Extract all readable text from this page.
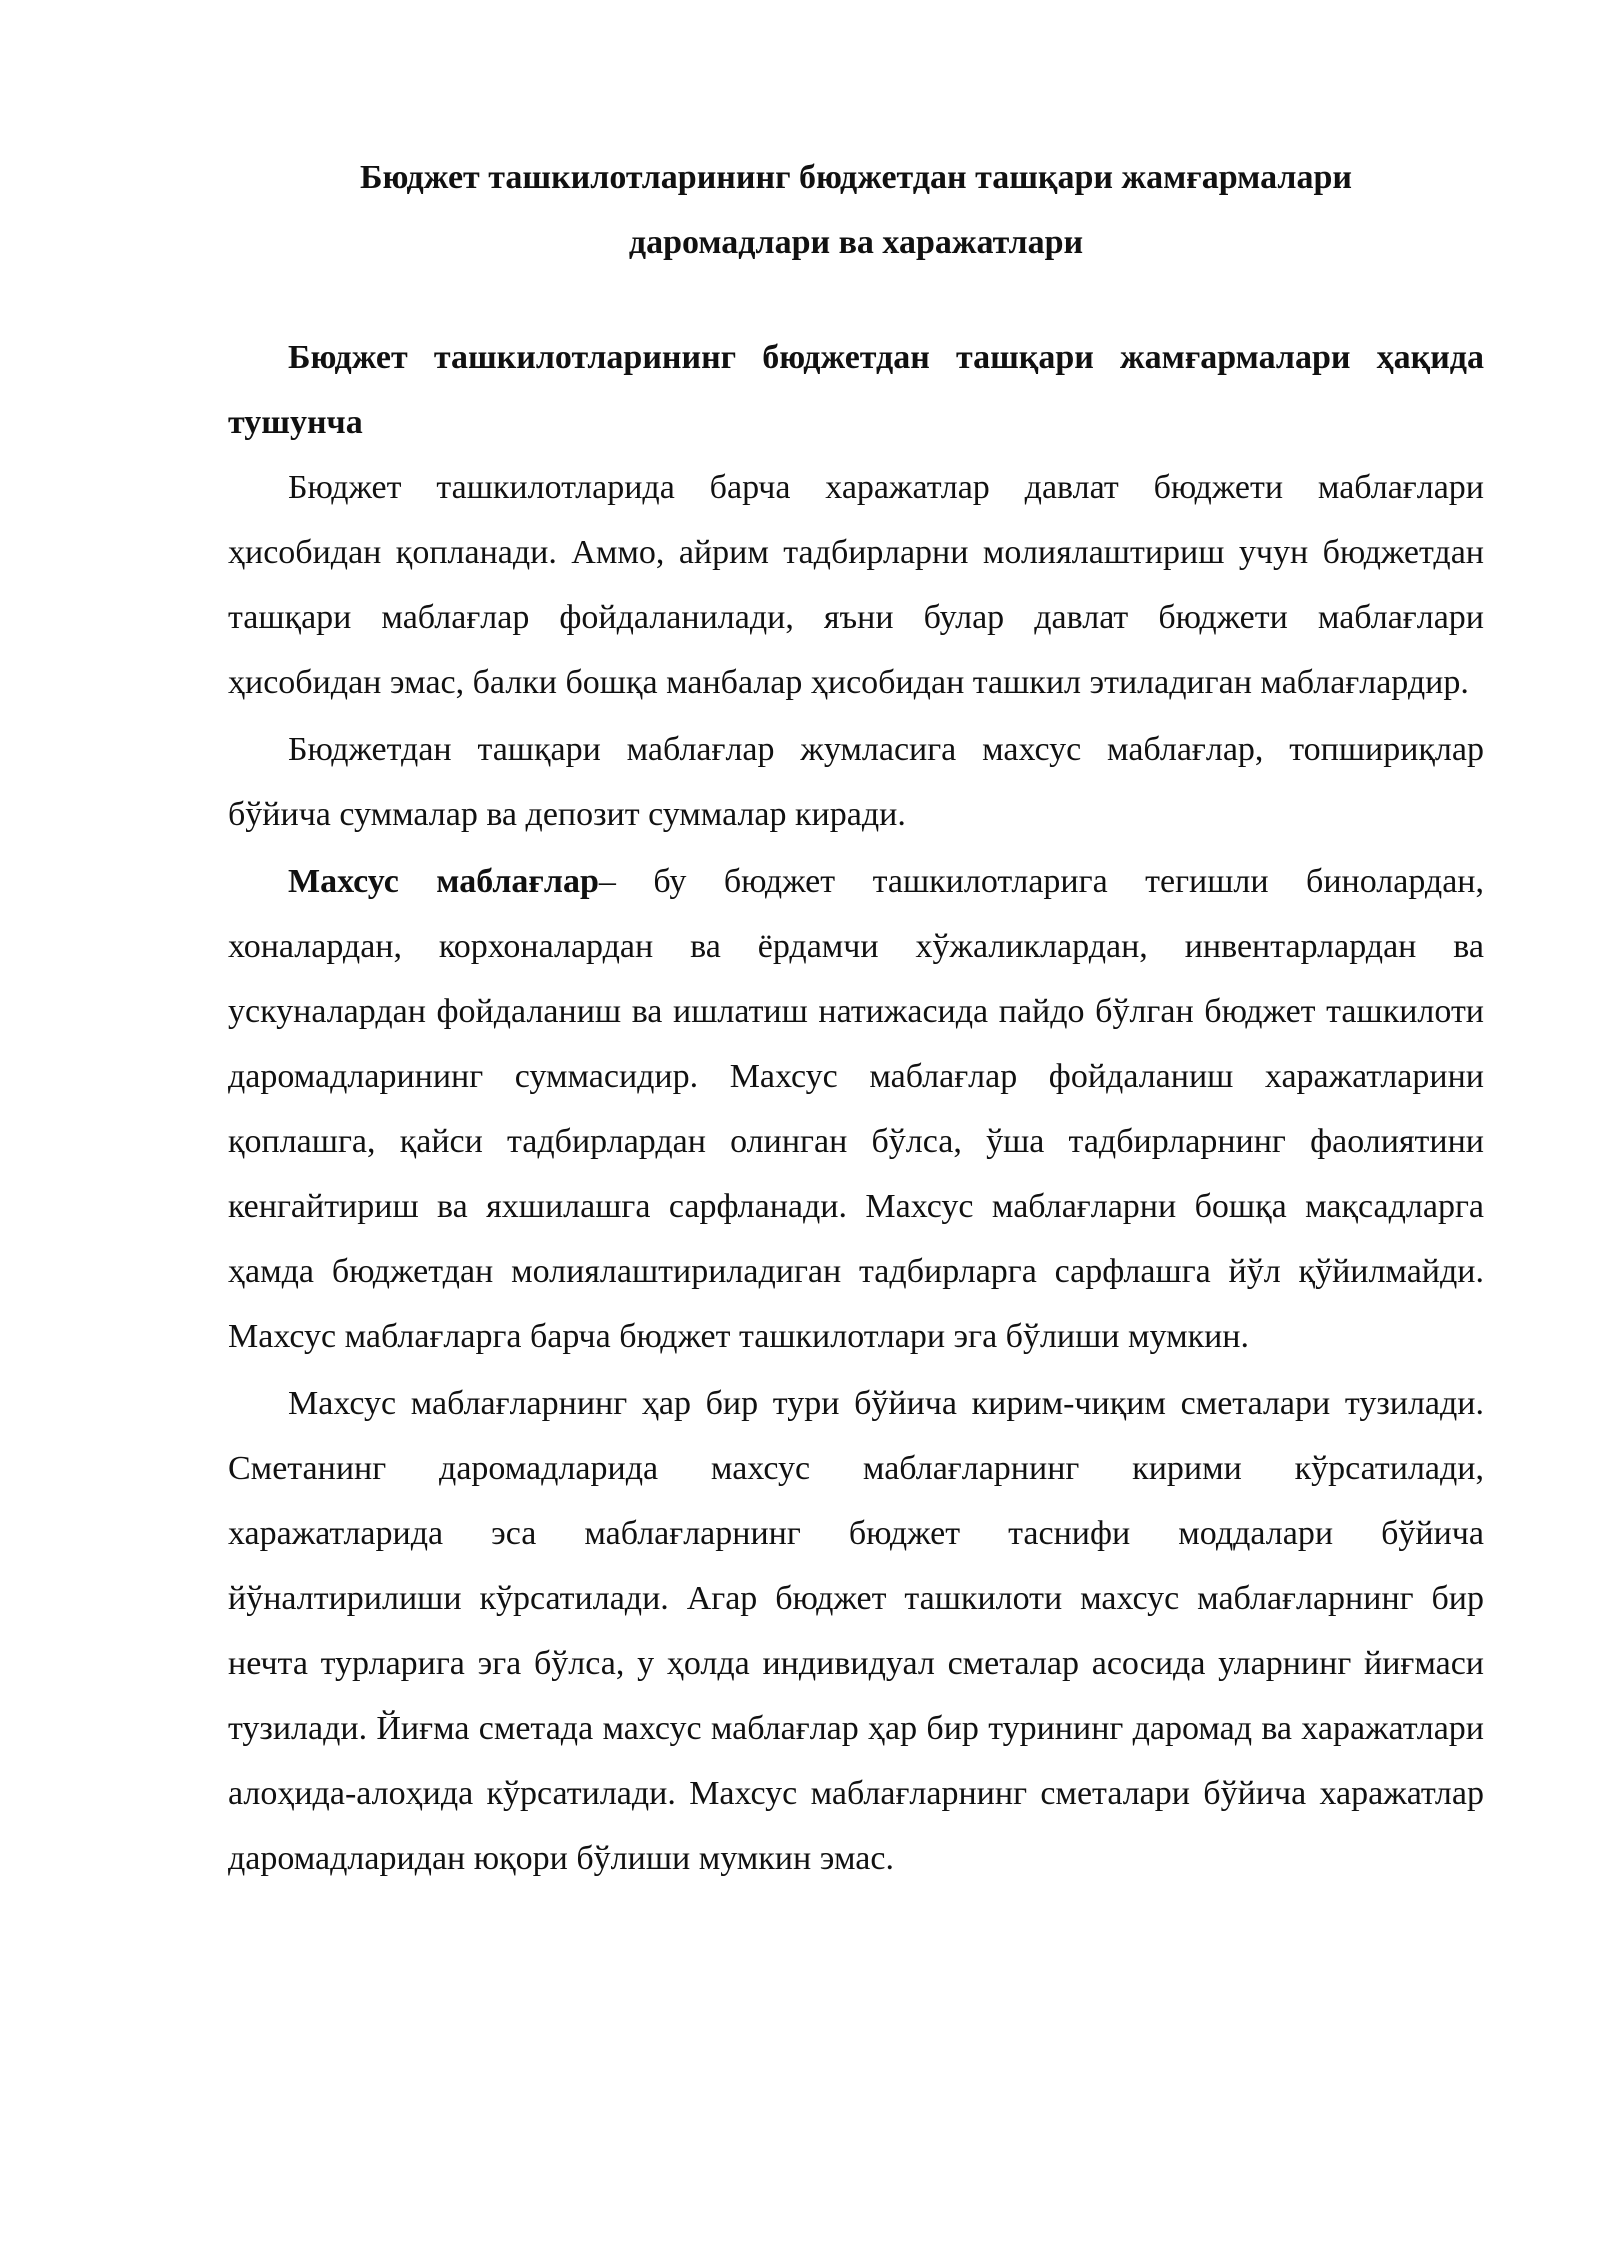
Бюджет ташкилотларининг бюджетдан ташқари жамғармалари
даромадлари ва харажатлари

Бюджет ташкилотларининг бюджетдан ташқари жамғармалари ҳақида тушунча

Бюджет ташкилотларида барча харажатлар давлат бюджети маблағлари ҳисобидан қопланади. Аммо, айрим тадбирларни молиялаштириш учун бюджетдан ташқари маблағлар фойдаланилади, яъни булар давлат бюджети маблағлари ҳисобидан эмас, балки бошқа манбалар ҳисобидан ташкил этиладиган маблағлардир.

Бюджетдан ташқари маблағлар жумласига махсус маблағлар, топшириқлар бўйича суммалар ва депозит суммалар киради.

Махсус маблағлар– бу бюджет ташкилотларига тегишли бинолардан, хоналардан, корхоналардан ва ёрдамчи хўжаликлардан, инвентарлардан ва ускуналардан фойдаланиш ва ишлатиш натижасида пайдо бўлган бюджет ташкилоти даромадларининг суммасидир. Махсус маблағлар фойдаланиш харажатларини қоплашга, қайси тадбирлардан олинган бўлса, ўша тадбирларнинг фаолиятини кенгайтириш ва яхшилашга сарфланади. Махсус маблағларни бошқа мақсадларга ҳамда бюджетдан молиялаштириладиган тадбирларга сарфлашга йўл қўйилмайди. Махсус маблағларга барча бюджет ташкилотлари эга бўлиши мумкин.

Махсус маблағларнинг ҳар бир тури бўйича кирим-чиқим сметалари тузилади. Сметанинг даромадларида махсус маблағларнинг кирими кўрсатилади, харажатларида эса маблағларнинг бюджет таснифи моддалари бўйича йўналтирилиши кўрсатилади. Агар бюджет ташкилоти махсус маблағларнинг бир нечта турларига эга бўлса, у ҳолда индивидуал сметалар асосида уларнинг йиғмаси тузилади. Йиғма сметада махсус маблағлар ҳар бир турининг даромад ва харажатлари алоҳида-алоҳида кўрсатилади. Махсус маблағларнинг сметалари бўйича харажатлар даромадларидан юқори бўлиши мумкин эмас.
